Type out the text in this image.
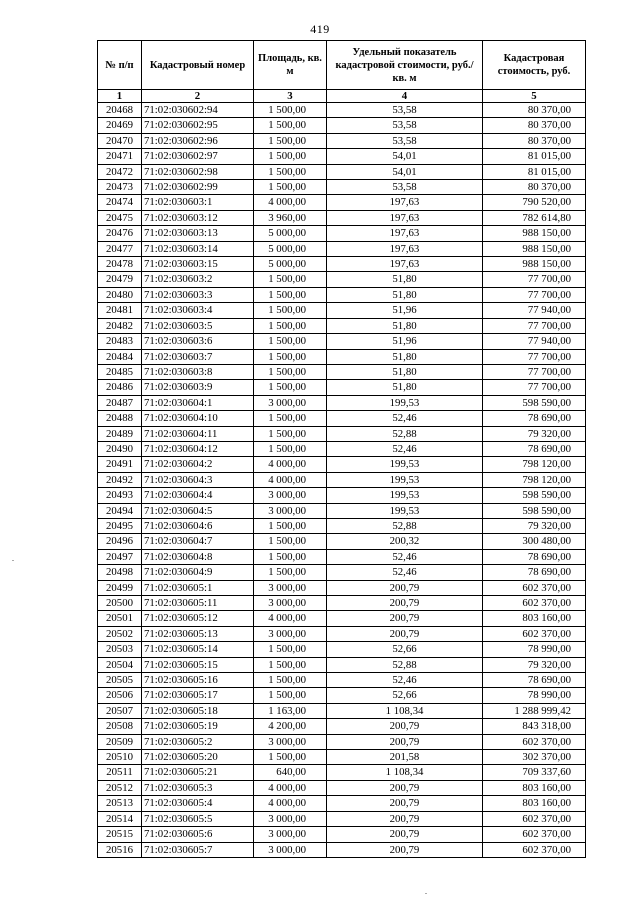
419
№ п/п	Кадастровый номер	Площадь, кв. м	Удельный показатель кадастровой стоимости, руб./кв. м	Кадастровая стоимость, руб.
1	2	3	4	5
20468	71:02:030602:94	1 500,00	53,58	80 370,00
20469	71:02:030602:95	1 500,00	53,58	80 370,00
20470	71:02:030602:96	1 500,00	53,58	80 370,00
20471	71:02:030602:97	1 500,00	54,01	81 015,00
20472	71:02:030602:98	1 500,00	54,01	81 015,00
20473	71:02:030602:99	1 500,00	53,58	80 370,00
20474	71:02:030603:1	4 000,00	197,63	790 520,00
20475	71:02:030603:12	3 960,00	197,63	782 614,80
20476	71:02:030603:13	5 000,00	197,63	988 150,00
20477	71:02:030603:14	5 000,00	197,63	988 150,00
20478	71:02:030603:15	5 000,00	197,63	988 150,00
20479	71:02:030603:2	1 500,00	51,80	77 700,00
20480	71:02:030603:3	1 500,00	51,80	77 700,00
20481	71:02:030603:4	1 500,00	51,96	77 940,00
20482	71:02:030603:5	1 500,00	51,80	77 700,00
20483	71:02:030603:6	1 500,00	51,96	77 940,00
20484	71:02:030603:7	1 500,00	51,80	77 700,00
20485	71:02:030603:8	1 500,00	51,80	77 700,00
20486	71:02:030603:9	1 500,00	51,80	77 700,00
20487	71:02:030604:1	3 000,00	199,53	598 590,00
20488	71:02:030604:10	1 500,00	52,46	78 690,00
20489	71:02:030604:11	1 500,00	52,88	79 320,00
20490	71:02:030604:12	1 500,00	52,46	78 690,00
20491	71:02:030604:2	4 000,00	199,53	798 120,00
20492	71:02:030604:3	4 000,00	199,53	798 120,00
20493	71:02:030604:4	3 000,00	199,53	598 590,00
20494	71:02:030604:5	3 000,00	199,53	598 590,00
20495	71:02:030604:6	1 500,00	52,88	79 320,00
20496	71:02:030604:7	1 500,00	200,32	300 480,00
20497	71:02:030604:8	1 500,00	52,46	78 690,00
20498	71:02:030604:9	1 500,00	52,46	78 690,00
20499	71:02:030605:1	3 000,00	200,79	602 370,00
20500	71:02:030605:11	3 000,00	200,79	602 370,00
20501	71:02:030605:12	4 000,00	200,79	803 160,00
20502	71:02:030605:13	3 000,00	200,79	602 370,00
20503	71:02:030605:14	1 500,00	52,66	78 990,00
20504	71:02:030605:15	1 500,00	52,88	79 320,00
20505	71:02:030605:16	1 500,00	52,46	78 690,00
20506	71:02:030605:17	1 500,00	52,66	78 990,00
20507	71:02:030605:18	1 163,00	1 108,34	1 288 999,42
20508	71:02:030605:19	4 200,00	200,79	843 318,00
20509	71:02:030605:2	3 000,00	200,79	602 370,00
20510	71:02:030605:20	1 500,00	201,58	302 370,00
20511	71:02:030605:21	640,00	1 108,34	709 337,60
20512	71:02:030605:3	4 000,00	200,79	803 160,00
20513	71:02:030605:4	4 000,00	200,79	803 160,00
20514	71:02:030605:5	3 000,00	200,79	602 370,00
20515	71:02:030605:6	3 000,00	200,79	602 370,00
20516	71:02:030605:7	3 000,00	200,79	602 370,00
